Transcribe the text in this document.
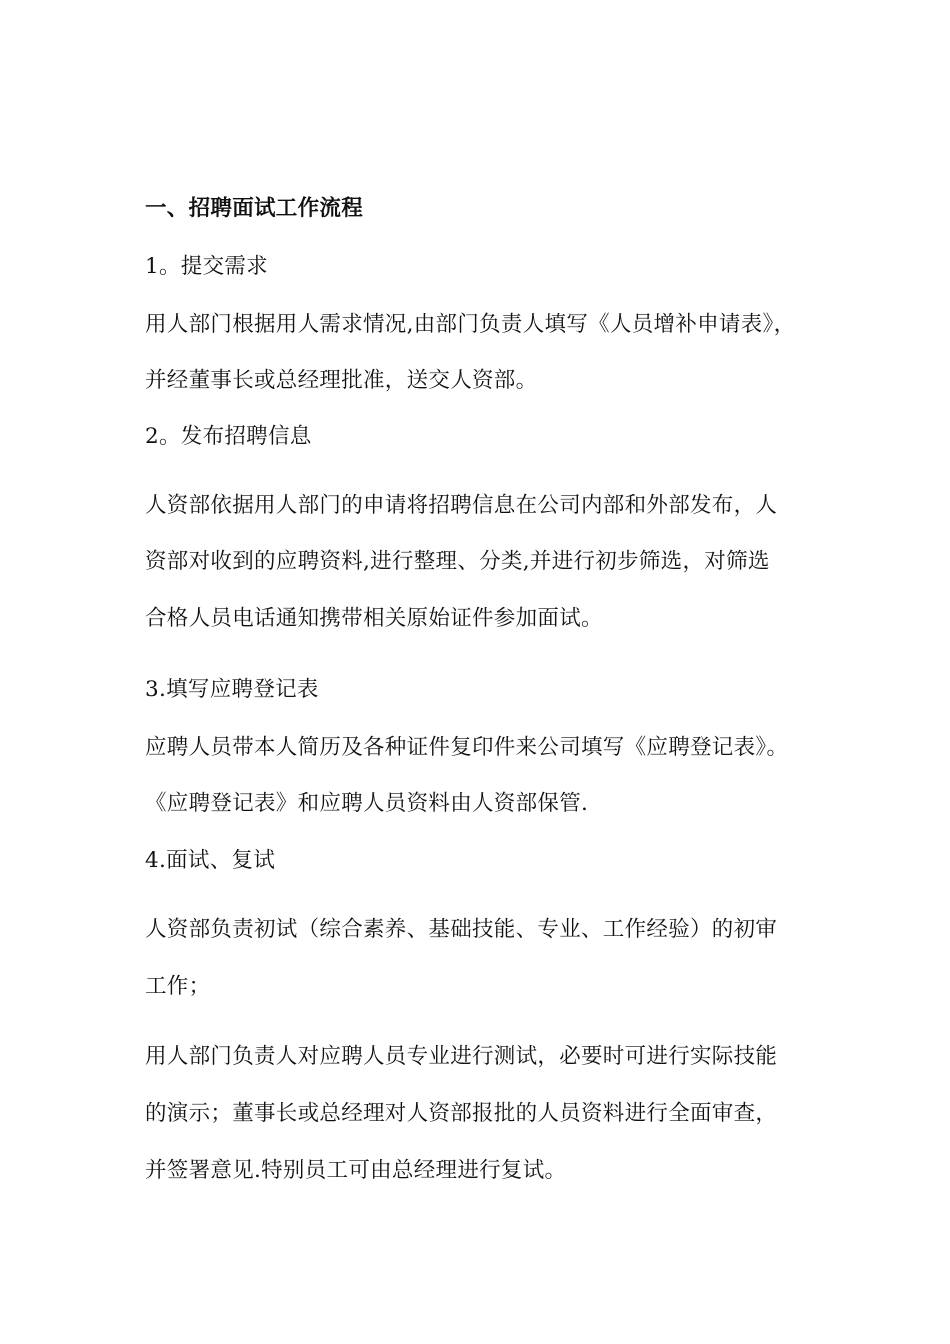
一、招聘面试工作流程
1。提交需求
用人部门根据用人需求情况,由部门负责人填写《人员增补申请表》，
并经董事长或总经理批准，送交人资部。
2。发布招聘信息
人资部依据用人部门的申请将招聘信息在公司内部和外部发布，人
资部对收到的应聘资料,进行整理、分类,并进行初步筛选，对筛选
合格人员电话通知携带相关原始证件参加面试。
3.填写应聘登记表
应聘人员带本人简历及各种证件复印件来公司填写《应聘登记表》。
《应聘登记表》和应聘人员资料由人资部保管.
4.面试、复试
人资部负责初试（综合素养、基础技能、专业、工作经验）的初审
工作；
用人部门负责人对应聘人员专业进行测试，必要时可进行实际技能
的演示；董事长或总经理对人资部报批的人员资料进行全面审查，
并签署意见.特别员工可由总经理进行复试。
